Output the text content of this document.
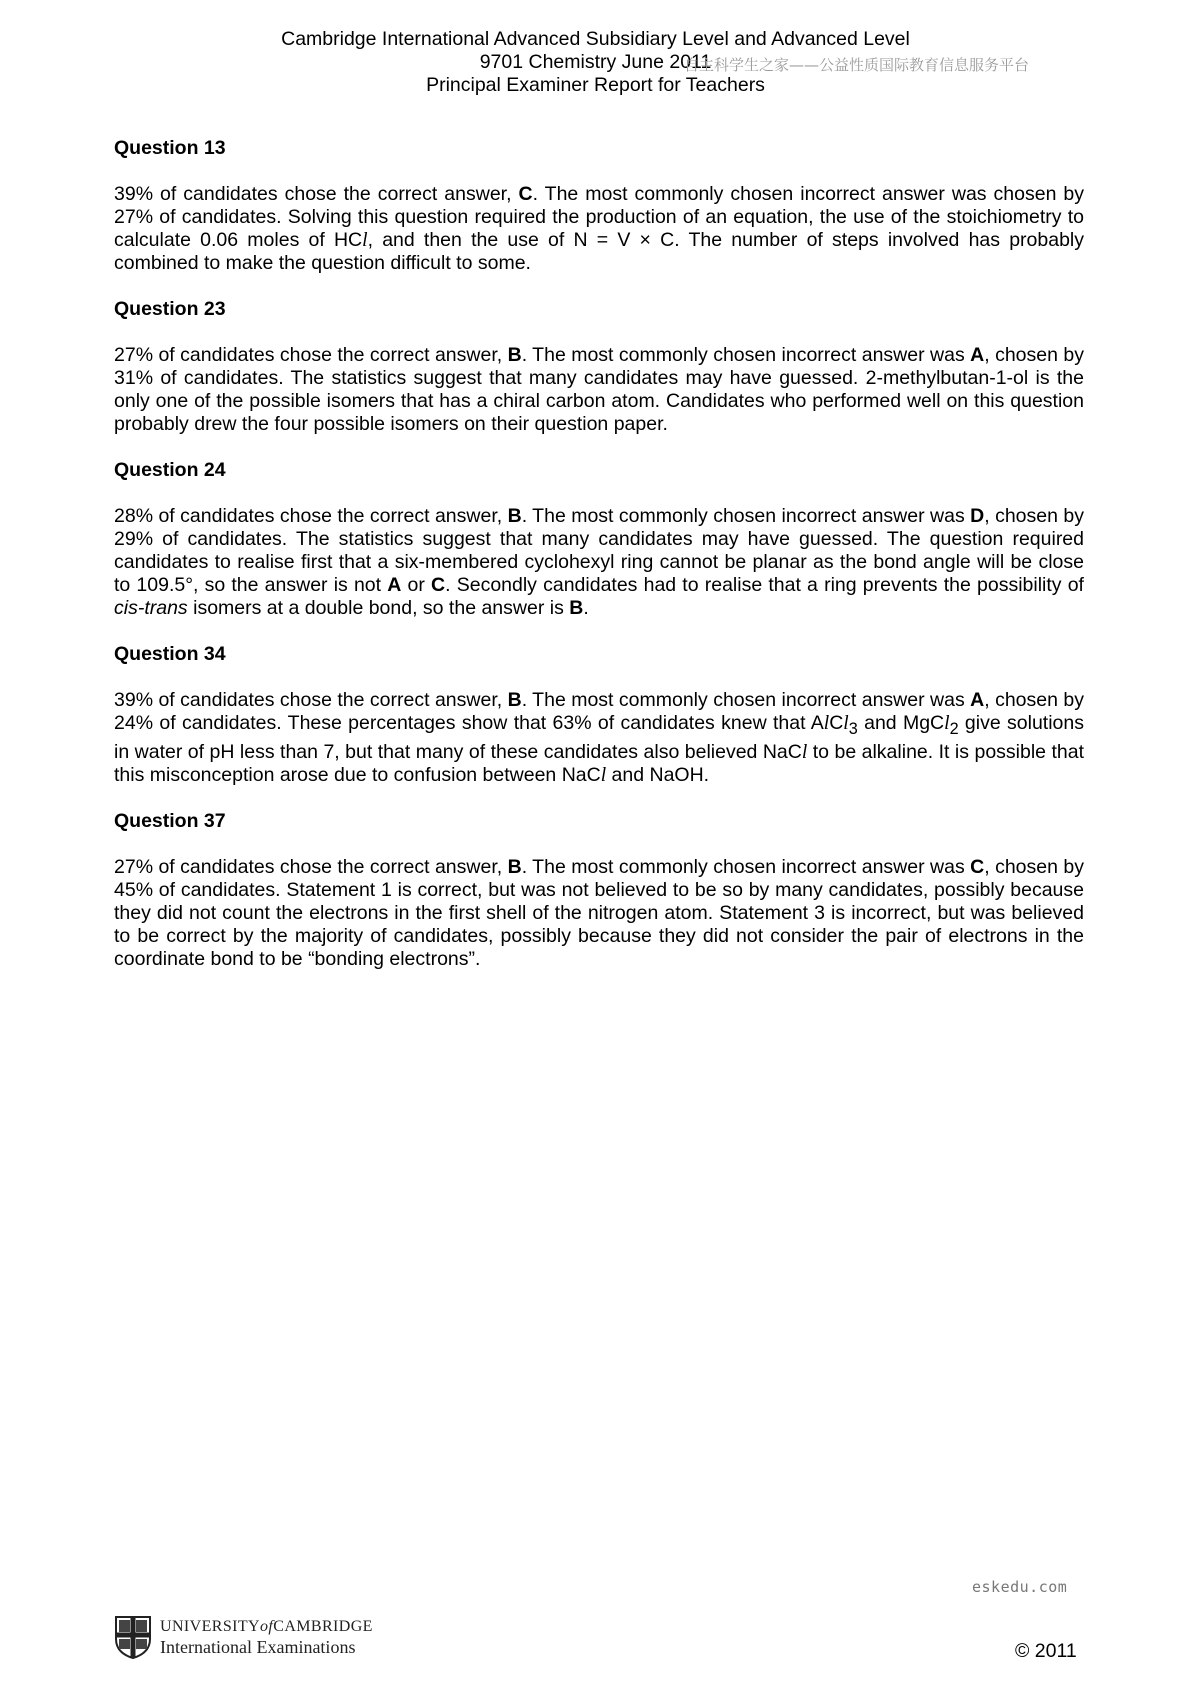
Cambridge International Advanced Subsidiary Level and Advanced Level
9701 Chemistry June 2011
Principal Examiner Report for Teachers
自主科学生之家——公益性质国际教育信息服务平台
Question 13
39% of candidates chose the correct answer, C. The most commonly chosen incorrect answer was chosen by 27% of candidates. Solving this question required the production of an equation, the use of the stoichiometry to calculate 0.06 moles of HCl, and then the use of N = V × C. The number of steps involved has probably combined to make the question difficult to some.
Question 23
27% of candidates chose the correct answer, B. The most commonly chosen incorrect answer was A, chosen by 31% of candidates. The statistics suggest that many candidates may have guessed. 2-methylbutan-1-ol is the only one of the possible isomers that has a chiral carbon atom. Candidates who performed well on this question probably drew the four possible isomers on their question paper.
Question 24
28% of candidates chose the correct answer, B. The most commonly chosen incorrect answer was D, chosen by 29% of candidates. The statistics suggest that many candidates may have guessed. The question required candidates to realise first that a six-membered cyclohexyl ring cannot be planar as the bond angle will be close to 109.5°, so the answer is not A or C. Secondly candidates had to realise that a ring prevents the possibility of cis-trans isomers at a double bond, so the answer is B.
Question 34
39% of candidates chose the correct answer, B. The most commonly chosen incorrect answer was A, chosen by 24% of candidates. These percentages show that 63% of candidates knew that AlCl$_3$ and MgCl$_2$ give solutions in water of pH less than 7, but that many of these candidates also believed NaCl to be alkaline. It is possible that this misconception arose due to confusion between NaCl and NaOH.
Question 37
27% of candidates chose the correct answer, B. The most commonly chosen incorrect answer was C, chosen by 45% of candidates. Statement 1 is correct, but was not believed to be so by many candidates, possibly because they did not count the electrons in the first shell of the nitrogen atom. Statement 3 is incorrect, but was believed to be correct by the majority of candidates, possibly because they did not consider the pair of electrons in the coordinate bond to be “bonding electrons”.
eskedu.com
UNIVERSITYofCAMBRIDGE
International Examinations	© 2011
